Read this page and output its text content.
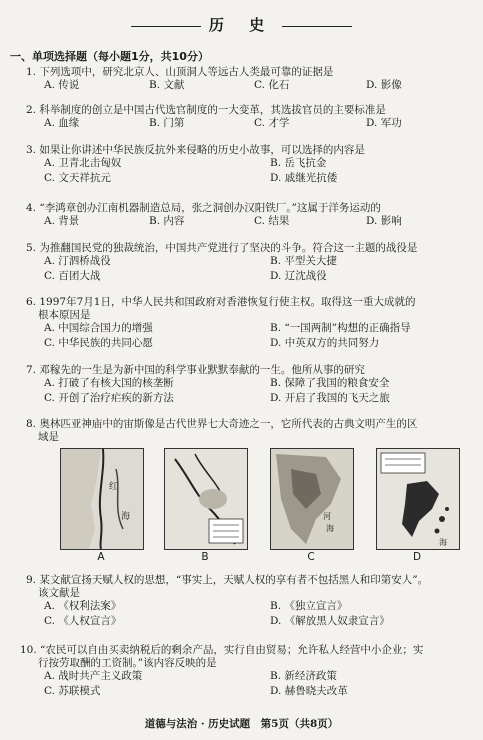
历 史
一、单项选择题（每小题1分，共10分）
1. 下列选项中，研究北京人、山顶洞人等远古人类最可靠的证据是
A. 传说	B. 文献	C. 化石	D. 影像
2. 科举制度的创立是中国古代选官制度的一大变革，其选拔官员的主要标准是
A. 血缘	B. 门第	C. 才学	D. 军功
3. 如果让你讲述中华民族反抗外来侵略的历史小故事，可以选择的内容是
A. 卫青北击匈奴	B. 岳飞抗金
C. 文天祥抗元	D. 戚继光抗倭
4. “李鸿章创办江南机器制造总局，张之洞创办汉阳铁厂。”这属于洋务运动的
A. 背景	B. 内容	C. 结果	D. 影响
5. 为推翻国民党的独裁统治，中国共产党进行了坚决的斗争。符合这一主题的战役是
A. 汀泗桥战役	B. 平型关大捷
C. 百团大战	D. 辽沈战役
6. 1997年7月1日，中华人民共和国政府对香港恢复行使主权。取得这一重大成就的
根本原因是
A. 中国综合国力的增强	B. “一国两制”构想的正确指导
C. 中华民族的共同心愿	D. 中英双方的共同努力
7. 邓稼先的一生是为新中国的科学事业默默奉献的一生。他所从事的研究
A. 打破了有核大国的核垄断	B. 保障了我国的粮食安全
C. 开创了治疗疟疾的新方法	D. 开启了我国的飞天之旅
8. 奥林匹亚神庙中的宙斯像是古代世界七大奇迹之一，它所代表的古典文明产生的区
域是
红
海
A	B
河
海
C
海
D
9. 某文献宣扬天赋人权的思想，“事实上，天赋人权的享有者不包括黑人和印第安人”。
该文献是
A. 《权利法案》	B. 《独立宣言》
C. 《人权宣言》	D. 《解放黑人奴隶宣言》
10. “农民可以自由买卖纳税后的剩余产品，实行自由贸易；允许私人经营中小企业；实
行按劳取酬的工资制。”该内容反映的是
A. 战时共产主义政策	B. 新经济政策
C. 苏联模式	D. 赫鲁晓夫改革
道德与法治 · 历史试题　第5页（共8页）
